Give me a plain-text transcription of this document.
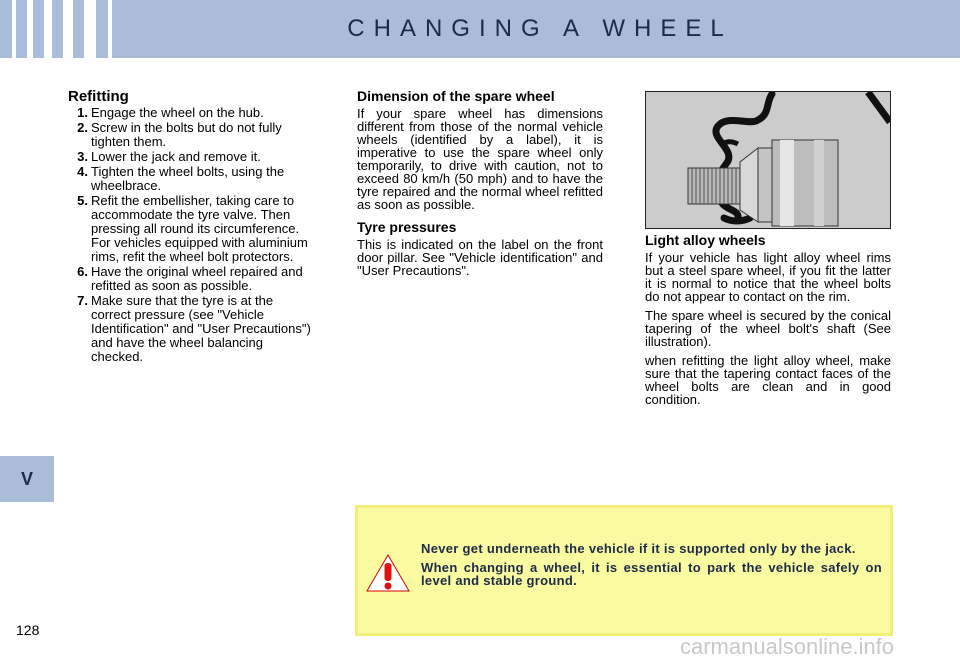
CHANGING A WHEEL
V
128
Refitting
1. Engage the wheel on the hub.
2. Screw in the bolts but do not fully tighten them.
3. Lower the jack and remove it.
4. Tighten the wheel bolts, using the wheelbrace.
5. Refit the embellisher, taking care to accommodate the tyre valve. Then pressing all round its circumference. For vehicles equipped with aluminium rims, refit the wheel bolt protectors.
6. Have the original wheel repaired and refitted as soon as possible.
7. Make sure that the tyre is at the correct pressure (see "Vehicle Identification" and "User Precautions") and have the wheel balancing checked.
Dimension of the spare wheel

If your spare wheel has dimensions different from those of the normal vehicle wheels (identified by a label), it is imperative to use the spare wheel only temporarily, to drive with caution, not to exceed 80 km/h (50 mph) and to have the tyre repaired and the normal wheel refitted as soon as possible.

Tyre pressures

This is indicated on the label on the front door pillar. See "Vehicle identification" and "User Precautions".

Light alloy wheels

If your vehicle has light alloy wheel rims but a steel spare wheel, if you fit the latter it is normal to notice that the wheel bolts do not appear to contact on the rim.

The spare wheel is secured by the conical tapering of the wheel bolt's shaft (See illustration).

when refitting the light alloy wheel, make sure that the tapering contact faces of the wheel bolts are clean and in good condition.

Never get underneath the vehicle if it is supported only by the jack.

When changing a wheel, it is essential to park the vehicle safely on level and stable ground.

carmanualsonline.info
